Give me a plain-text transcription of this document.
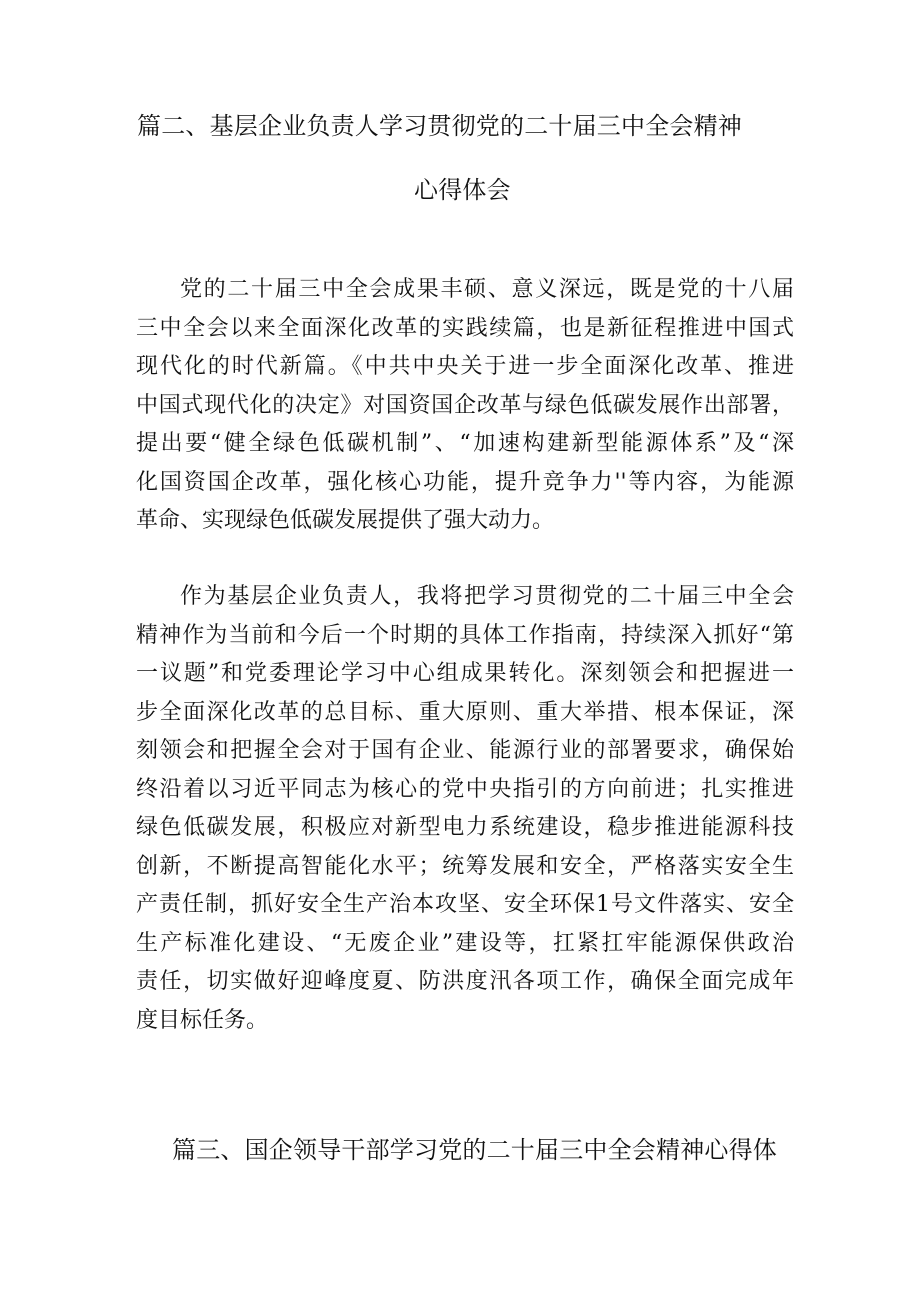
篇二、基层企业负责人学习贯彻党的二十届三中全会精神
心得体会
党的二十届三中全会成果丰硕、意义深远，既是党的十八届
三中全会以来全面深化改革的实践续篇，也是新征程推进中国式
现代化的时代新篇。《中共中央关于进一步全面深化改革、推进
中国式现代化的决定》对国资国企改革与绿色低碳发展作出部署，
提出要“健全绿色低碳机制”、“加速构建新型能源体系”及“深
化国资国企改革，强化核心功能，提升竞争力''等内容，为能源
革命、实现绿色低碳发展提供了强大动力。
作为基层企业负责人，我将把学习贯彻党的二十届三中全会
精神作为当前和今后一个时期的具体工作指南，持续深入抓好“第
一议题”和党委理论学习中心组成果转化。深刻领会和把握进一
步全面深化改革的总目标、重大原则、重大举措、根本保证，深
刻领会和把握全会对于国有企业、能源行业的部署要求，确保始
终沿着以习近平同志为核心的党中央指引的方向前进；扎实推进
绿色低碳发展，积极应对新型电力系统建设，稳步推进能源科技
创新，不断提高智能化水平；统筹发展和安全，严格落实安全生
产责任制，抓好安全生产治本攻坚、安全环保1号文件落实、安全
生产标准化建设、“无废企业”建设等，扛紧扛牢能源保供政治
责任，切实做好迎峰度夏、防洪度汛各项工作，确保全面完成年
度目标任务。
篇三、国企领导干部学习党的二十届三中全会精神心得体
